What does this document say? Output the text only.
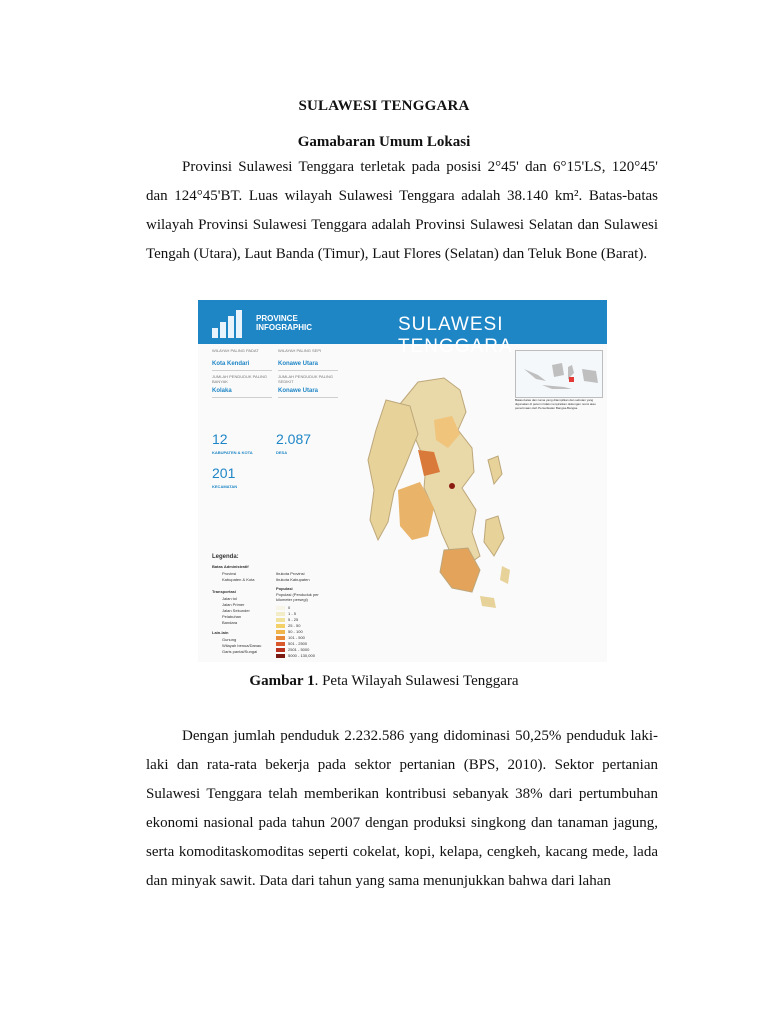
SULAWESI TENGGARA
Gamabaran Umum Lokasi
Provinsi Sulawesi Tenggara terletak pada posisi 2°45' dan 6°15'LS, 120°45' dan 124°45'BT. Luas wilayah Sulawesi Tenggara adalah 38.140 km². Batas-batas wilayah Provinsi Sulawesi Tenggara adalah Provinsi Sulawesi Selatan dan Sulawesi Tengah (Utara), Laut Banda (Timur), Laut Flores (Selatan) dan Teluk Bone (Barat).
PROVINCE
INFOGRAPHIC	SULAWESI TENGGARA
WILAYAH PALING PADAT
Kota Kendari
WILAYAH PALING SEPI
Konawe Utara
JUMLAH PENDUDUK PALING BANYAK
Kolaka
JUMLAH PENDUDUK PALING SEDIKIT
Konawe Utara
12
KABUPATEN & KOTA
2.087
DESA
201
KECAMATAN
Batas-batas dan nama yang ditampilkan dan sebutan yang digunakan di peta ini tidak menyiratkan dukungan resmi atau penerimaan oleh Perserikatan Bangsa-Bangsa.
Legenda:
Batas Administratif
Provinsi
Kabupaten & Kota
Ibukota Provinsi
Ibukota Kabupaten
Transportasi
Jalan tol
Jalan Primer
Jalan Sekunder
Pelabuhan
Bandara
Lain-lain
Gunung
Wilayah benua/Danau
Garis pantai/Sungai
Populasi
Populasi (Penduduk per kilometer persegi)
0
1 - 5
5 - 25
25 - 50
50 - 100
101 - 500
501 - 2500
2501 - 5000
5000 - 130,000
Gambar 1. Peta Wilayah Sulawesi Tenggara
Dengan jumlah penduduk 2.232.586 yang didominasi 50,25% penduduk laki-laki dan rata-rata bekerja pada sektor pertanian (BPS, 2010). Sektor pertanian Sulawesi Tenggara telah memberikan kontribusi sebanyak 38% dari pertumbuhan ekonomi nasional pada tahun 2007 dengan produksi singkong dan tanaman jagung, serta komoditaskomoditas seperti cokelat, kopi, kelapa, cengkeh, kacang mede, lada dan minyak sawit. Data dari tahun yang sama menunjukkan bahwa dari lahan
